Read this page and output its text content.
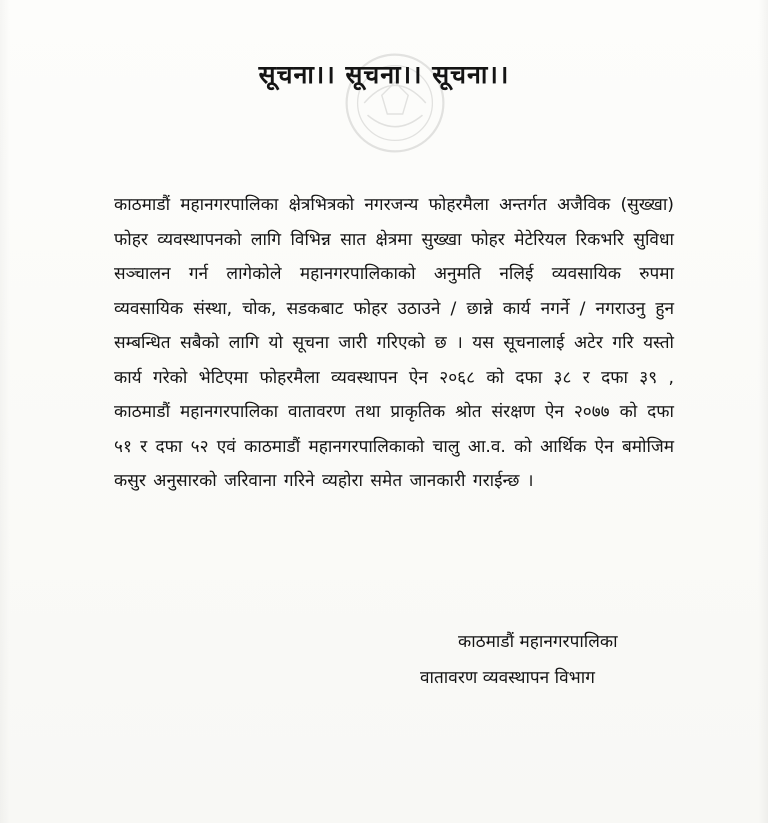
सूचना।। सूचना।। सूचना।।
काठमाडौं महानगरपालिका क्षेत्रभित्रको नगरजन्य फोहरमैला अन्तर्गत अजैविक (सुख्खा) फोहर व्यवस्थापनको लागि विभिन्न सात क्षेत्रमा सुख्खा फोहर मेटेरियल रिकभरि सुविधा सञ्चालन गर्न लागेकोले महानगरपालिकाको अनुमति नलिई व्यवसायिक रुपमा व्यवसायिक संस्था, चोक, सडकबाट फोहर उठाउने / छान्ने कार्य नगर्ने / नगराउनु हुन सम्बन्धित सबैको लागि यो सूचना जारी गरिएको छ । यस सूचनालाई अटेर गरि यस्तो कार्य गरेको भेटिएमा फोहरमैला व्यवस्थापन ऐन २०६८ को दफा ३८ र दफा ३९ , काठमाडौं महानगरपालिका वातावरण तथा प्राकृतिक श्रोत संरक्षण ऐन २०७७ को दफा ५१ र दफा ५२ एवं काठमाडौं महानगरपालिकाको चालु आ.व. को आर्थिक ऐन बमोजिम कसुर अनुसारको जरिवाना गरिने व्यहोरा समेत जानकारी गराईन्छ ।
काठमाडौं महानगरपालिका
वातावरण व्यवस्थापन विभाग
